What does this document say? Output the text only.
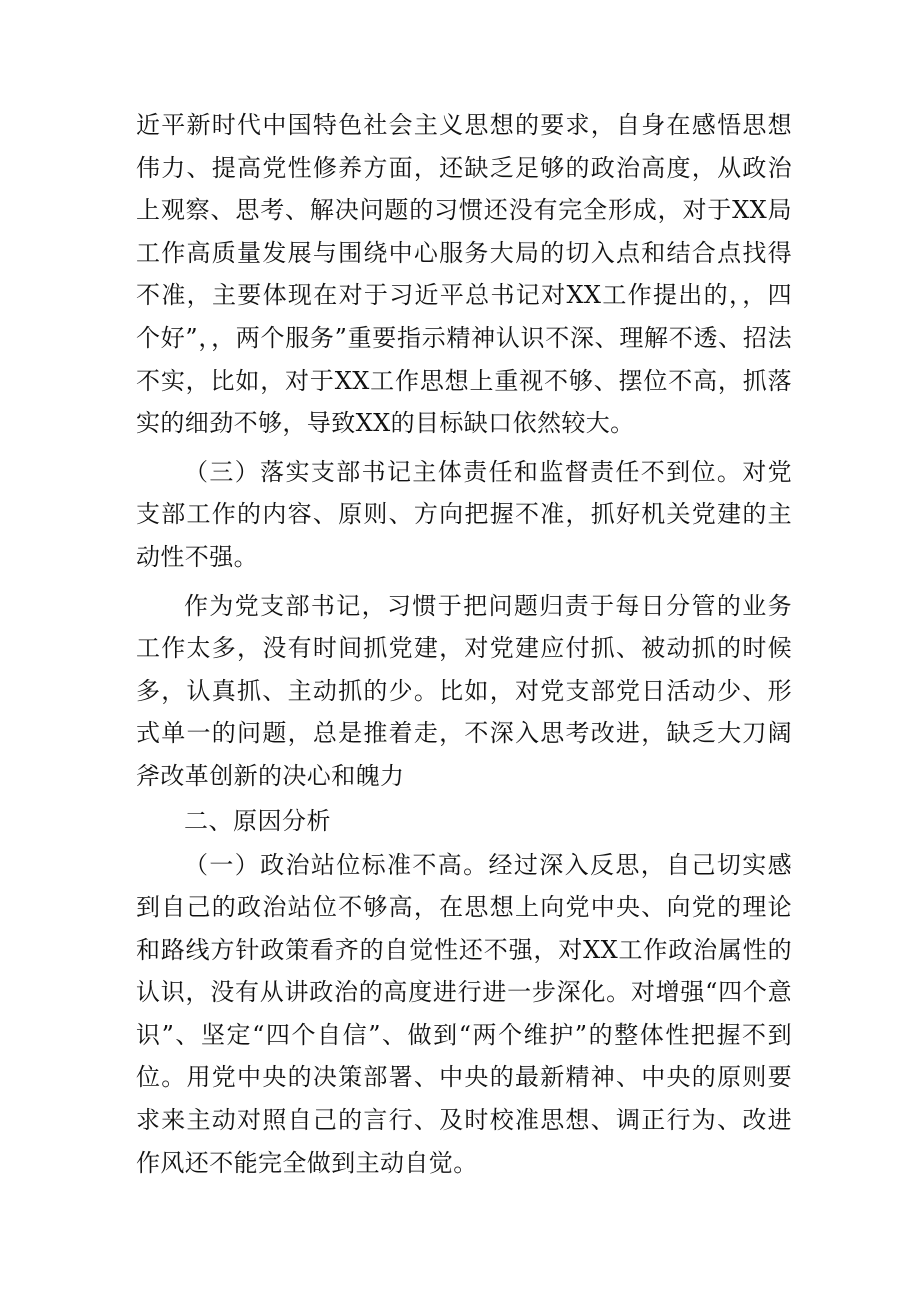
近平新时代中国特色社会主义思想的要求，自身在感悟思想伟力、提高党性修养方面，还缺乏足够的政治高度，从政治上观察、思考、解决问题的习惯还没有完全形成，对于XX局工作高质量发展与围绕中心服务大局的切入点和结合点找得不准，主要体现在对于习近平总书记对XX工作提出的，，四个好”，，两个服务”重要指示精神认识不深、理解不透、招法不实，比如，对于XX工作思想上重视不够、摆位不高，抓落实的细劲不够，导致XX的目标缺口依然较大。

（三）落实支部书记主体责任和监督责任不到位。对党支部工作的内容、原则、方向把握不准，抓好机关党建的主动性不强。

作为党支部书记，习惯于把问题归责于每日分管的业务工作太多，没有时间抓党建，对党建应付抓、被动抓的时候多，认真抓、主动抓的少。比如，对党支部党日活动少、形式单一的问题，总是推着走，不深入思考改进，缺乏大刀阔斧改革创新的决心和魄力

二、原因分析

（一）政治站位标准不高。经过深入反思，自己切实感到自己的政治站位不够高，在思想上向党中央、向党的理论和路线方针政策看齐的自觉性还不强，对XX工作政治属性的认识，没有从讲政治的高度进行进一步深化。对增强“四个意识”、坚定“四个自信”、做到“两个维护”的整体性把握不到位。用党中央的决策部署、中央的最新精神、中央的原则要求来主动对照自己的言行、及时校准思想、调正行为、改进作风还不能完全做到主动自觉。
